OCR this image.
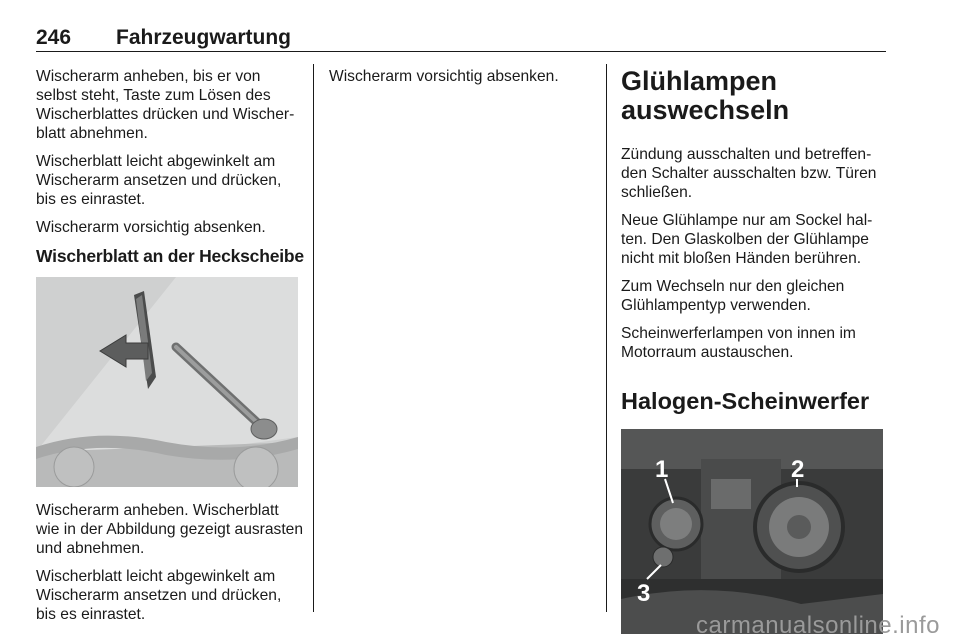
246 Fahrzeugwartung

Wischerarm anheben, bis er von selbst steht, Taste zum Lösen des Wischerblattes drücken und Wischerblatt abnehmen.

Wischerblatt leicht abgewinkelt am Wischerarm ansetzen und drücken, bis es einrastet.

Wischerarm vorsichtig absenken.

Wischerblatt an der Heckscheibe

Wischerarm anheben. Wischerblatt wie in der Abbildung gezeigt ausrasten und abnehmen.

Wischerblatt leicht abgewinkelt am Wischerarm ansetzen und drücken, bis es einrastet.

Wischerarm vorsichtig absenken.	Glühlampen auswechseln

Zündung ausschalten und betreffenden Schalter ausschalten bzw. Türen schließen.

Neue Glühlampe nur am Sockel halten. Den Glaskolben der Glühlampe nicht mit bloßen Händen berühren.

Zum Wechseln nur den gleichen Glühlampentyp verwenden.

Scheinwerferlampen von innen im Motorraum austauschen.

Halogen-Scheinwerfer
1	2
3
carmanualsonline.info
